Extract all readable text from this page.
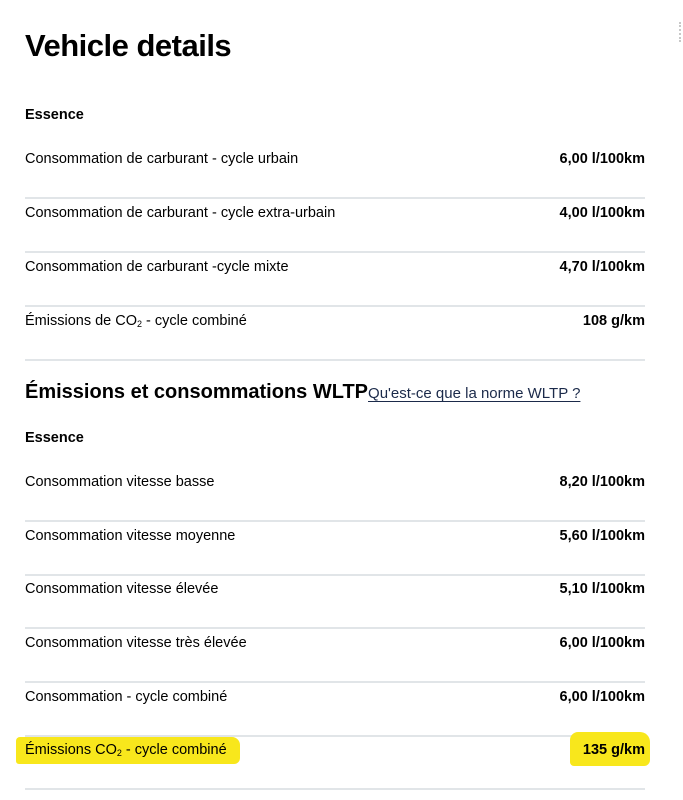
Vehicle details
Essence
Consommation de carburant - cycle urbain	6,00 l/100km
Consommation de carburant - cycle extra-urbain	4,00 l/100km
Consommation de carburant -cycle mixte	4,70 l/100km
Émissions de $CO_2$ - cycle combiné	108 g/km
Émissions et consommations WLTPQu'est-ce que la norme WLTP ?
Essence
Consommation vitesse basse	8,20 l/100km
Consommation vitesse moyenne	5,60 l/100km
Consommation vitesse élevée	5,10 l/100km
Consommation vitesse très élevée	6,00 l/100km
Consommation - cycle combiné	6,00 l/100km
Émissions $CO_2$ - cycle combiné	135 g/km
